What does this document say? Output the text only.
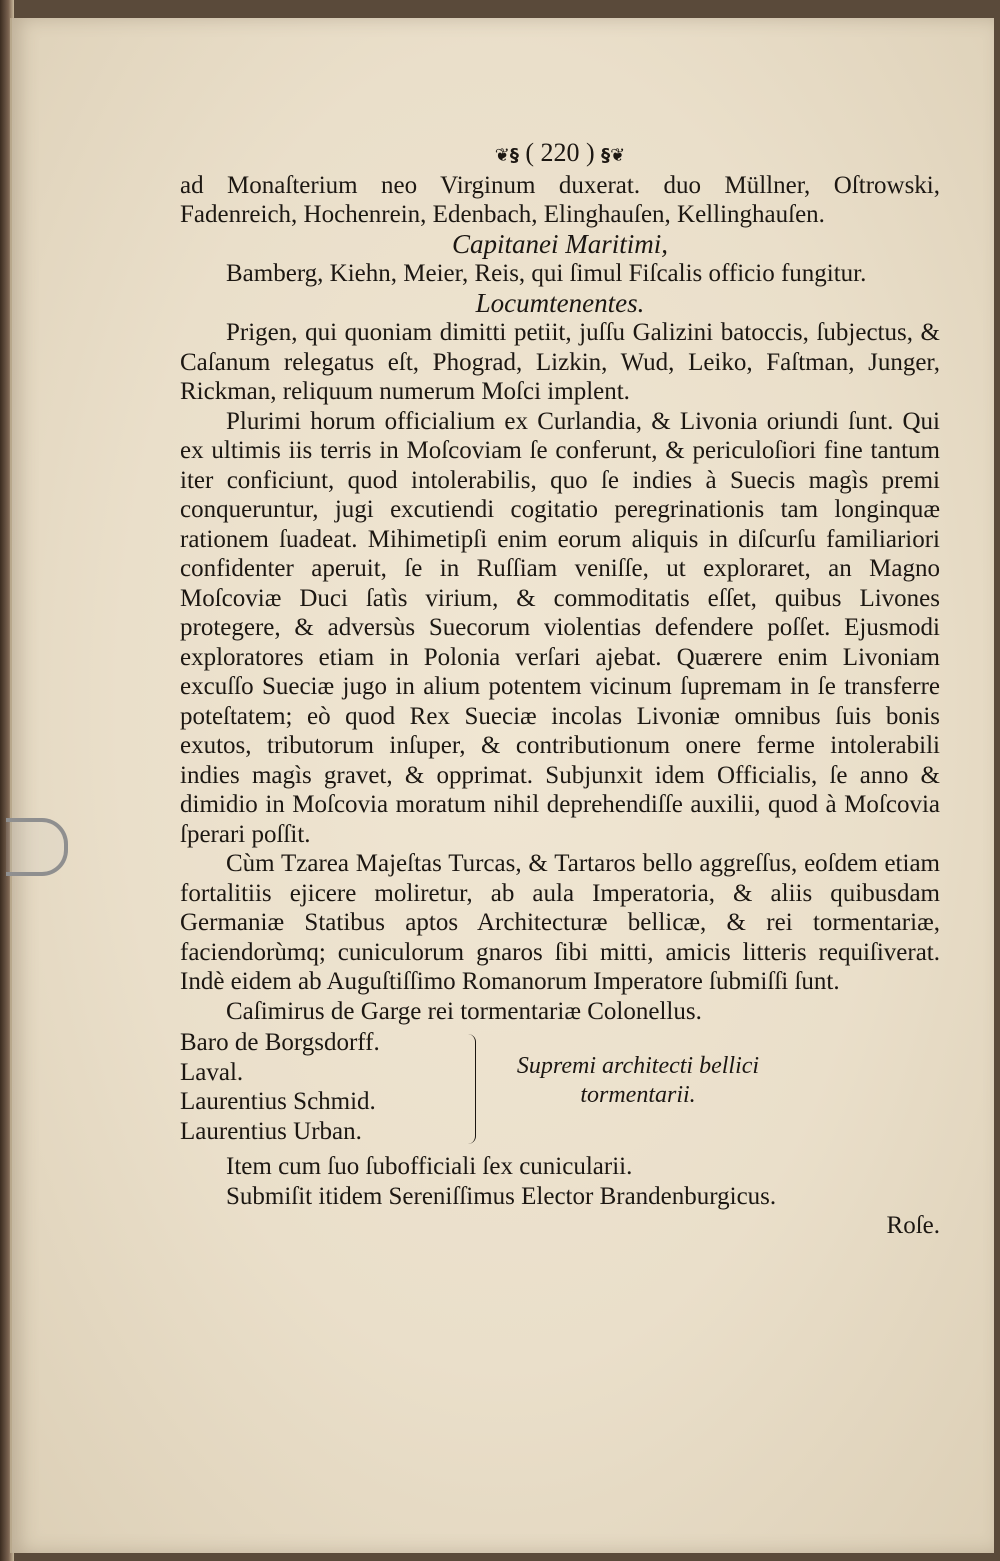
❦§ ( 220 ) §❦

ad Monaſterium neo Virginum duxerat. duo Müllner, Oſtrowski, Fadenreich, Hochenrein, Edenbach, Elinghauſen, Kellinghauſen.

Capitanei Maritimi,

Bamberg, Kiehn, Meier, Reis, qui ſimul Fiſcalis officio fungitur.

Locumtenentes.

Prigen, qui quoniam dimitti petiit, juſſu Galizini batoccis, ſubjectus, & Caſanum relegatus eſt, Phograd, Lizkin, Wud, Leiko, Faſtman, Junger, Rickman, reliquum numerum Moſci implent.

Plurimi horum officialium ex Curlandia, & Livonia oriundi ſunt. Qui ex ultimis iis terris in Moſcoviam ſe conferunt, & periculoſiori fine tantum iter conficiunt, quod intolerabilis, quo ſe indies à Suecis magìs premi conqueruntur, jugi excutiendi cogitatio peregrinationis tam longinquæ rationem ſuadeat. Mihimetipſi enim eorum aliquis in diſcurſu familiariori confidenter aperuit, ſe in Ruſſiam veniſſe, ut exploraret, an Magno Moſcoviæ Duci ſatìs virium, & commoditatis eſſet, quibus Livones protegere, & adversùs Suecorum violentias defendere poſſet. Ejusmodi exploratores etiam in Polonia verſari ajebat. Quærere enim Livoniam excuſſo Sueciæ jugo in alium potentem vicinum ſupremam in ſe transferre poteſtatem; eò quod Rex Sueciæ incolas Livoniæ omnibus ſuis bonis exutos, tributorum inſuper, & contributionum onere ferme intolerabili indies magìs gravet, & opprimat. Subjunxit idem Officialis, ſe anno & dimidio in Moſcovia moratum nihil deprehendiſſe auxilii, quod à Moſcovia ſperari poſſit.

Cùm Tzarea Majeſtas Turcas, & Tartaros bello aggreſſus, eoſdem etiam fortalitiis ejicere moliretur, ab aula Imperatoria, & aliis quibusdam Germaniæ Statibus aptos Architecturæ bellicæ, & rei tormentariæ, faciendorùmq; cuniculorum gnaros ſibi mitti, amicis litteris requiſiverat. Indè eidem ab Auguſtiſſimo Romanorum Imperatore ſubmiſſi ſunt.

Caſimirus de Garge rei tormentariæ Colonellus.

Baro de Borgsdorff.
Laval.
Laurentius Schmid.
Laurentius Urban.
Supremi architecti bellici
tormentarii.

Item cum ſuo ſubofficiali ſex cunicularii.

Submiſit itidem Sereniſſimus Elector Brandenburgicus.

Roſe.
